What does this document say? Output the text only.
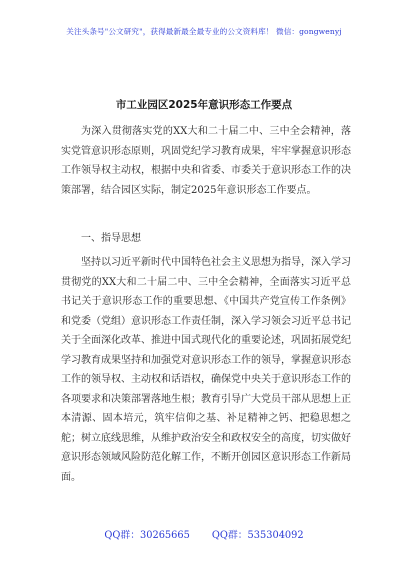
关注头条号"公文研究"，获得最新最全最专业的公文资料库！ 微信：gongwenyj
市工业园区2025年意识形态工作要点

为深入贯彻落实党的XX大和二十届二中、三中全会精神，落实党管意识形态原则，巩固党纪学习教育成果，牢牢掌握意识形态工作领导权主动权，根据中央和省委、市委关于意识形态工作的决策部署，结合园区实际，制定2025年意识形态工作要点。

一、指导思想

坚持以习近平新时代中国特色社会主义思想为指导，深入学习贯彻党的XX大和二十届二中、三中全会精神，全面落实习近平总书记关于意识形态工作的重要思想、《中国共产党宣传工作条例》和党委（党组）意识形态工作责任制，深入学习领会习近平总书记关于全面深化改革、推进中国式现代化的重要论述，巩固拓展党纪学习教育成果坚持和加强党对意识形态工作的领导，掌握意识形态工作的领导权、主动权和话语权，确保党中央关于意识形态工作的各项要求和决策部署落地生根；教育引导广大党员干部从思想上正本清源、固本培元，筑牢信仰之基、补足精神之钙、把稳思想之舵；树立底线思维，从维护政治安全和政权安全的高度，切实做好意识形态领域风险防范化解工作，不断开创园区意识形态工作新局面。

QQ群：30265665 QQ群：535304092
